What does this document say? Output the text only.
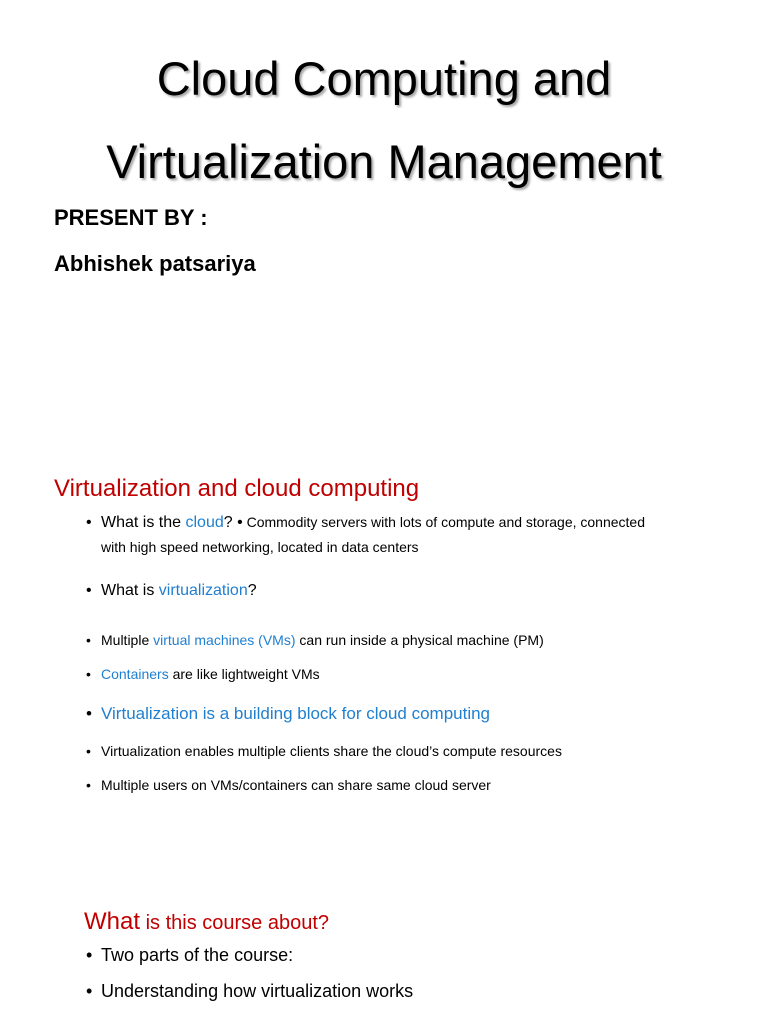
Cloud Computing and
Virtualization Management
PRESENT BY :
Abhishek patsariya
Virtualization and cloud computing
• What is the cloud? • Commodity servers with lots of compute and storage, connected
with high speed networking, located in data centers
• What is virtualization?
• Multiple virtual machines (VMs) can run inside a physical machine (PM)
• Containers are like lightweight VMs
• Virtualization is a building block for cloud computing
• Virtualization enables multiple clients share the cloud’s compute resources
• Multiple users on VMs/containers can share same cloud server
What is this course about?
• Two parts of the course:
• Understanding how virtualization works
